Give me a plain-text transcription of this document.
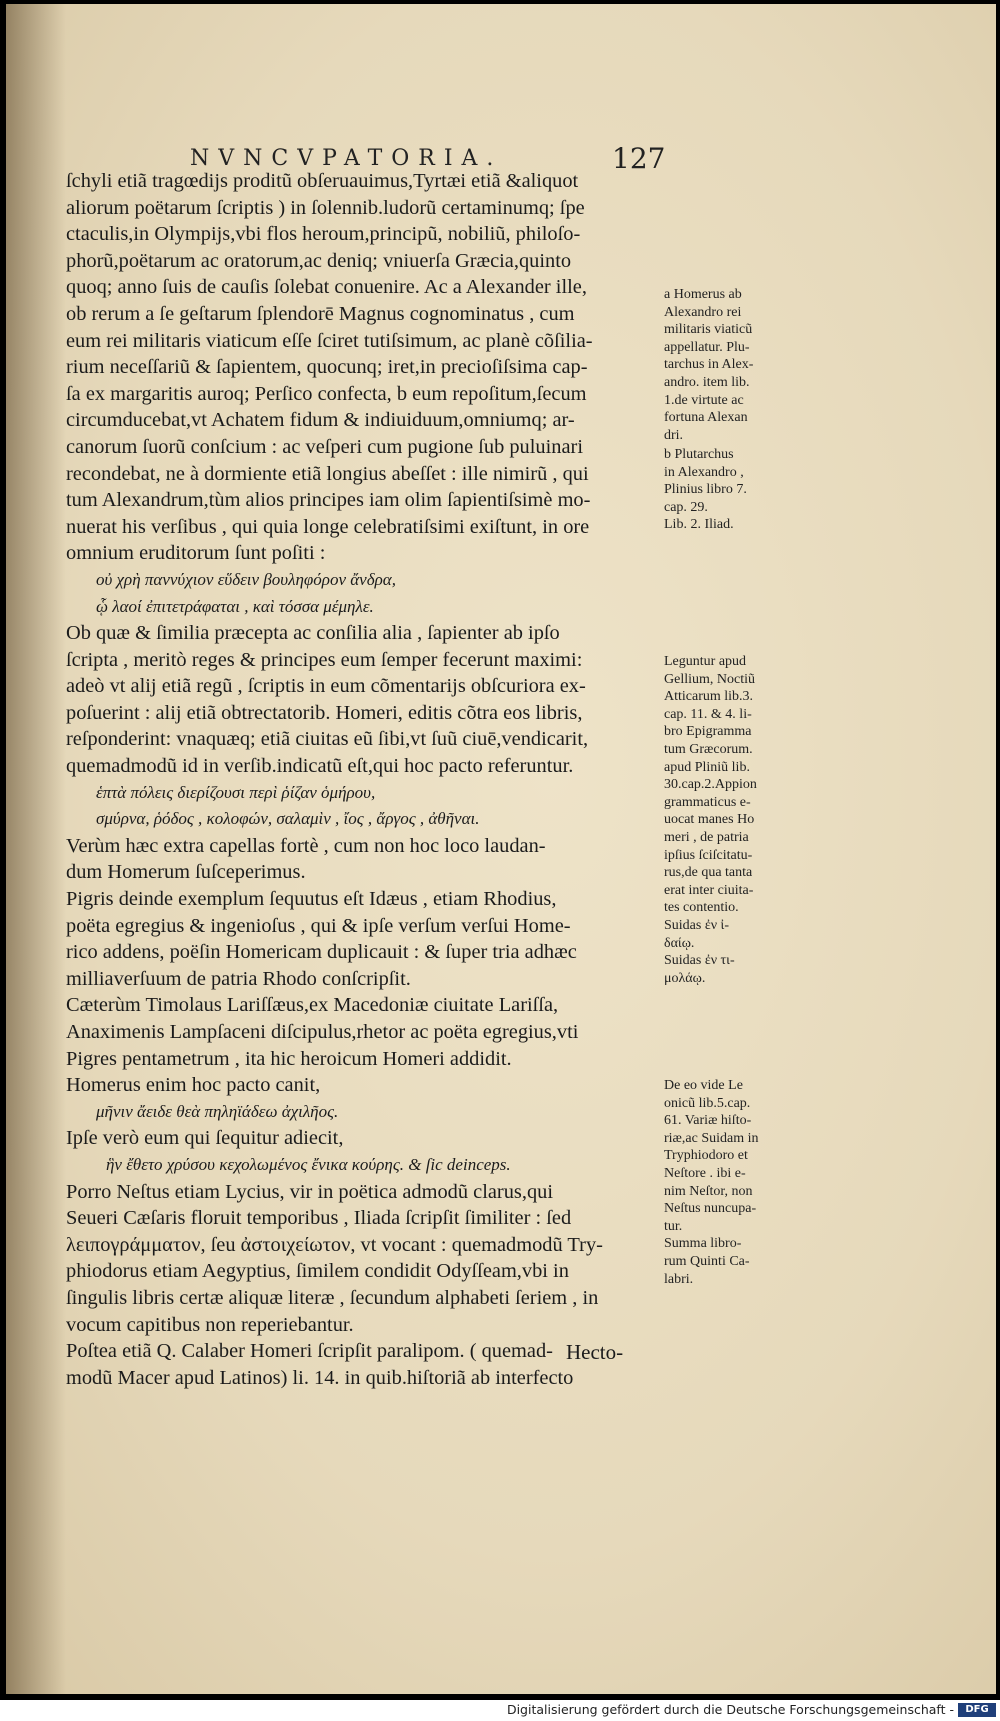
NVNCVPATORIA.	127
ſchyli etiã tragœdijs proditũ obſeruauimus,Tyrtæi etiã &aliquot
aliorum poëtarum ſcriptis ) in ſolennib.ludorũ certaminumq; ſpe
ctaculis,in Olympijs,vbi flos heroum,principũ, nobiliũ, philoſo-
phorũ,poëtarum ac oratorum,ac deniq; vniuerſa Græcia,quinto
quoq; anno ſuis de cauſis ſolebat conuenire. Ac a Alexander ille,
ob rerum a ſe geſtarum ſplendorē Magnus cognominatus , cum
eum rei militaris viaticum eſſe ſciret tutiſsimum, ac planè cõſilia-
rium neceſſariũ & ſapientem, quocunq; iret,in precioſiſsima cap-
ſa ex margaritis auroq; Perſico confecta, b eum repoſitum,ſecum
circumducebat,vt Achatem fidum & indiuiduum,omniumq; ar-
canorum ſuorũ conſcium : ac veſperi cum pugione ſub puluinari
recondebat, ne à dormiente etiã longius abeſſet : ille nimirũ , qui
tum Alexandrum,tùm alios principes iam olim ſapientiſsimè mo-
nuerat his verſibus , qui quia longe celebratiſsimi exiſtunt, in ore
omnium eruditorum ſunt poſiti :
οὐ χρὴ παννύχιον εὕδειν βουληφόρον ἄνδρα,
ᾧ λαοί ἐπιτετράφαται , καὶ τόσσα μέμηλε.
Ob quæ & ſimilia præcepta ac conſilia alia , ſapienter ab ipſo
ſcripta , meritò reges & principes eum ſemper fecerunt maximi:
adeò vt alij etiã regũ , ſcriptis in eum cõmentarijs obſcuriora ex-
poſuerint : alij etiã obtrectatorib. Homeri, editis cõtra eos libris,
reſponderint: vnaquæq; etiã ciuitas eũ ſibi,vt ſuũ ciuē,vendicarit,
quemadmodũ id in verſib.indicatũ eſt,qui hoc pacto referuntur.
ἑπτὰ πόλεις διερίζουσι περὶ ῥίζαν ὁμήρου,
σμύρνα, ῥόδος , κολοφών, σαλαμὶν , ἴος , ἄργος , ἀθῆναι.
Verùm hæc extra capellas fortè , cum non hoc loco laudan-
dum Homerum ſuſceperimus.
Pigris deinde exemplum ſequutus eſt Idæus , etiam Rhodius,
poëta egregius & ingenioſus , qui & ipſe verſum verſui Home-
rico addens, poëſin Homericam duplicauit : & ſuper tria adhæc
milliaverſuum de patria Rhodo conſcripſit.
Cæterùm Timolaus Lariſſæus,ex Macedoniæ ciuitate Lariſſa,
Anaximenis Lampſaceni diſcipulus,rhetor ac poëta egregius,vti
Pigres pentametrum , ita hic heroicum Homeri addidit.
Homerus enim hoc pacto canit,
μῆνιν ἄειδε θεὰ πηληϊάδεω ἀχιλῆος.
Ipſe verò eum qui ſequitur adiecit,
ἣν ἔθετο χρύσου κεχολωμένος ἔνικα κούρης. & ſic deinceps.
Porro Neſtus etiam Lycius, vir in poëtica admodũ clarus,qui
Seueri Cæſaris floruit temporibus , Iliada ſcripſit ſimiliter : ſed
λειπογράμματον, ſeu ἀστοιχείωτον, vt vocant : quemadmodũ Try-
phiodorus etiam Aegyptius, ſimilem condidit Odyſſeam,vbi in
ſingulis libris certæ aliquæ literæ , ſecundum alphabeti ſeriem , in
vocum capitibus non reperiebantur.
Poſtea etiã Q. Calaber Homeri ſcripſit paralipom. ( quemad-
modũ Macer apud Latinos) li. 14. in quib.hiſtoriã ab interfecto
Hecto-
a Homerus ab
Alexandro rei
militaris viaticũ
appellatur. Plu-
tarchus in Alex-
andro. item lib.
1.de virtute ac
fortuna Alexan
dri.
b Plutarchus
in Alexandro ,
Plinius libro 7.
cap. 29.
Lib. 2. Iliad.
Leguntur apud
Gellium, Noctiũ
Atticarum lib.3.
cap. 11. & 4. li-
bro Epigramma
tum Græcorum.
apud Pliniũ lib.
30.cap.2.Appion
grammaticus e-
uocat manes Ho
meri , de patria
ipſius ſciſcitatu-
rus,de qua tanta
erat inter ciuita-
tes contentio.
Suidas ἐν ἰ-
δαίῳ.
Suidas ἐν τι-
μολάῳ.
De eo vide Le
onicũ lib.5.cap.
61. Variæ hiſto-
riæ,ac Suidam in
Tryphiodoro et
Neſtore . ibi e-
nim Neſtor, non
Neſtus nuncupa-
tur.
Summa libro-
rum Quinti Ca-
labri.
Digitalisierung gefördert durch die Deutsche Forschungsgemeinschaft -	DFG
